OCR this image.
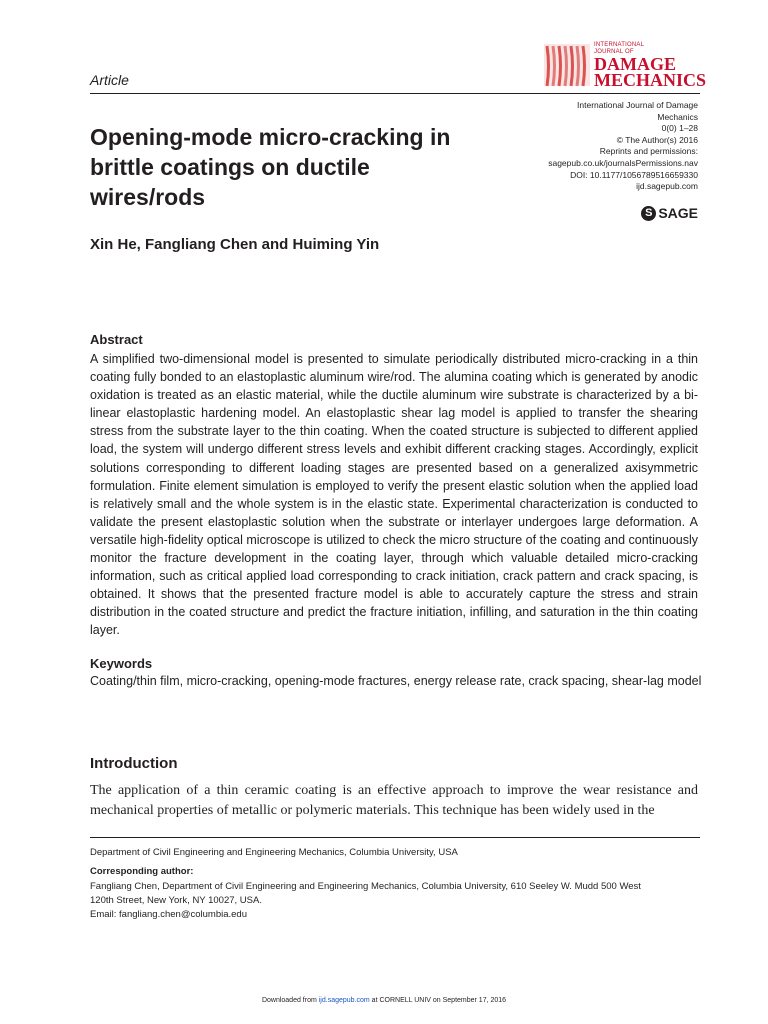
Article
INTERNATIONAL
JOURNAL OF
DAMAGE
MECHANICS
International Journal of Damage
Mechanics
0(0) 1–28
© The Author(s) 2016
Reprints and permissions:
sagepub.co.uk/journalsPermissions.nav
DOI: 10.1177/1056789516659330
ijd.sagepub.com
S SAGE
Opening-mode micro-cracking in brittle coatings on ductile wires/rods
Xin He, Fangliang Chen and Huiming Yin
Abstract

A simplified two-dimensional model is presented to simulate periodically distributed micro-cracking in a thin coating fully bonded to an elastoplastic aluminum wire/rod. The alumina coating which is generated by anodic oxidation is treated as an elastic material, while the ductile aluminum wire substrate is characterized by a bi-linear elastoplastic hardening model. An elastoplastic shear lag model is applied to transfer the shearing stress from the substrate layer to the thin coating. When the coated structure is subjected to different applied load, the system will undergo different stress levels and exhibit different cracking stages. Accordingly, explicit solutions corresponding to different loading stages are presented based on a generalized axisymmetric formulation. Finite element simulation is employed to verify the present elastic solution when the applied load is relatively small and the whole system is in the elastic state. Experimental characterization is conducted to validate the present elastoplastic solution when the substrate or interlayer undergoes large deformation. A versatile high-fidelity optical microscope is utilized to check the micro structure of the coating and continuously monitor the fracture development in the coating layer, through which valuable detailed micro-cracking information, such as critical applied load corresponding to crack initiation, crack pattern and crack spacing, is obtained. It shows that the presented fracture model is able to accurately capture the stress and strain distribution in the coated structure and predict the fracture initiation, infilling, and saturation in the thin coating layer.

Keywords
Coating/thin film, micro-cracking, opening-mode fractures, energy release rate, crack spacing, shear-lag model
Introduction

The application of a thin ceramic coating is an effective approach to improve the wear resistance and mechanical properties of metallic or polymeric materials. This technique has been widely used in the

Department of Civil Engineering and Engineering Mechanics, Columbia University, USA
Corresponding author:
Fangliang Chen, Department of Civil Engineering and Engineering Mechanics, Columbia University, 610 Seeley W. Mudd 500 West
120th Street, New York, NY 10027, USA.
Email: fangliang.chen@columbia.edu
Downloaded from ijd.sagepub.com at CORNELL UNIV on September 17, 2016
